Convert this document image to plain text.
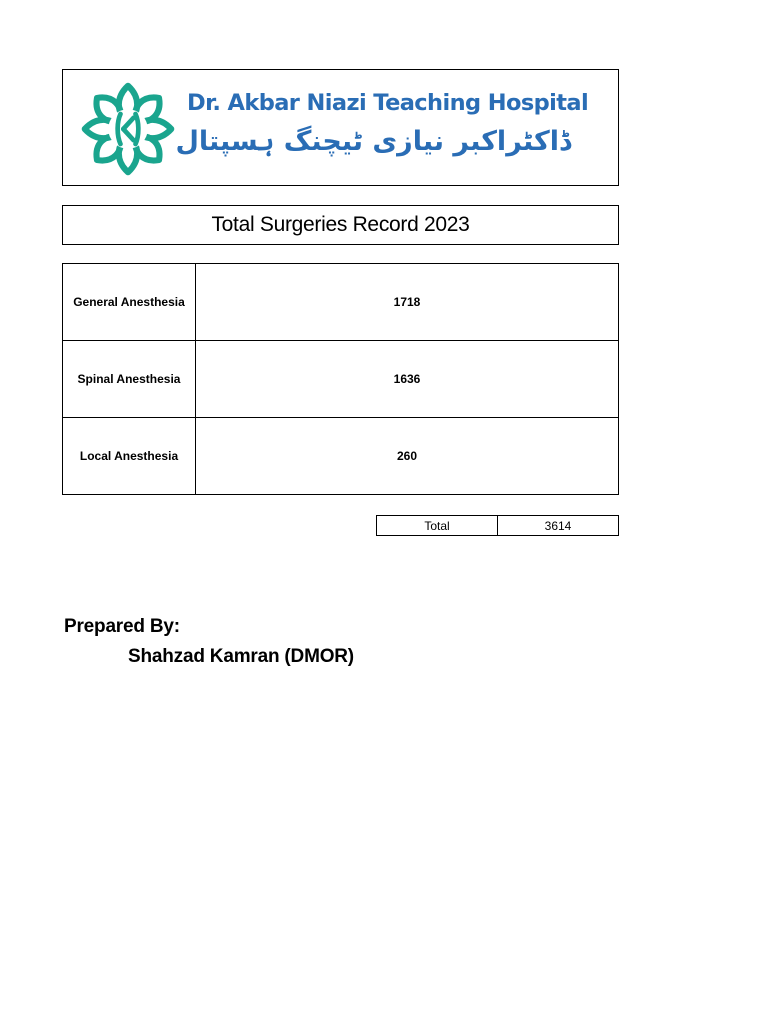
Dr. Akbar Niazi Teaching Hospital
ڈاکٹراکبر نیازی ٹیچنگ ہسپتال
Total Surgeries Record 2023
General Anesthesia	1718
Spinal Anesthesia	1636
Local Anesthesia	260
Total	3614
Prepared By:
Shahzad Kamran (DMOR)
